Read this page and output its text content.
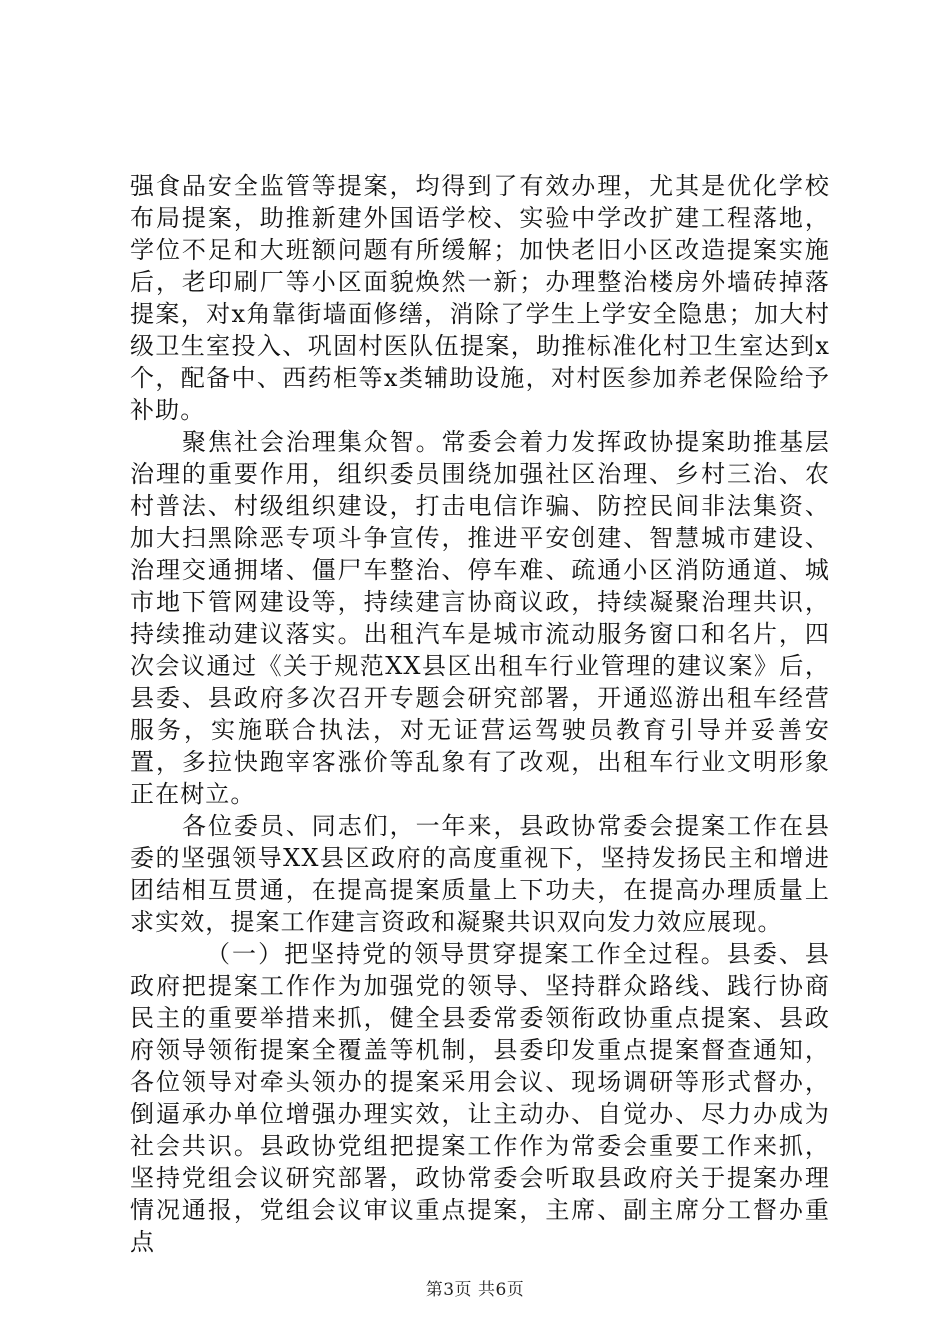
强食品安全监管等提案，均得到了有效办理，尤其是优化学校布局提案，助推新建外国语学校、实验中学改扩建工程落地，学位不足和大班额问题有所缓解；加快老旧小区改造提案实施后，老印刷厂等小区面貌焕然一新；办理整治楼房外墙砖掉落提案，对x角靠街墙面修缮，消除了学生上学安全隐患；加大村级卫生室投入、巩固村医队伍提案，助推标准化村卫生室达到x个，配备中、西药柜等x类辅助设施，对村医参加养老保险给予补助。

聚焦社会治理集众智。常委会着力发挥政协提案助推基层治理的重要作用，组织委员围绕加强社区治理、乡村三治、农村普法、村级组织建设，打击电信诈骗、防控民间非法集资、加大扫黑除恶专项斗争宣传，推进平安创建、智慧城市建设、治理交通拥堵、僵尸车整治、停车难、疏通小区消防通道、城市地下管网建设等，持续建言协商议政，持续凝聚治理共识，持续推动建议落实。出租汽车是城市流动服务窗口和名片，四次会议通过《关于规范XX县区出租车行业管理的建议案》后，县委、县政府多次召开专题会研究部署，开通巡游出租车经营服务，实施联合执法，对无证营运驾驶员教育引导并妥善安置，多拉快跑宰客涨价等乱象有了改观，出租车行业文明形象正在树立。

各位委员、同志们，一年来，县政协常委会提案工作在县委的坚强领导XX县区政府的高度重视下，坚持发扬民主和增进团结相互贯通，在提高提案质量上下功夫，在提高办理质量上求实效，提案工作建言资政和凝聚共识双向发力效应展现。

（一）把坚持党的领导贯穿提案工作全过程。县委、县政府把提案工作作为加强党的领导、坚持群众路线、践行协商民主的重要举措来抓，健全县委常委领衔政协重点提案、县政府领导领衔提案全覆盖等机制，县委印发重点提案督查通知，各位领导对牵头领办的提案采用会议、现场调研等形式督办，倒逼承办单位增强办理实效，让主动办、自觉办、尽力办成为社会共识。县政协党组把提案工作作为常委会重要工作来抓，坚持党组会议研究部署，政协常委会听取县政府关于提案办理情况通报，党组会议审议重点提案，主席、副主席分工督办重点

第3页 共6页
